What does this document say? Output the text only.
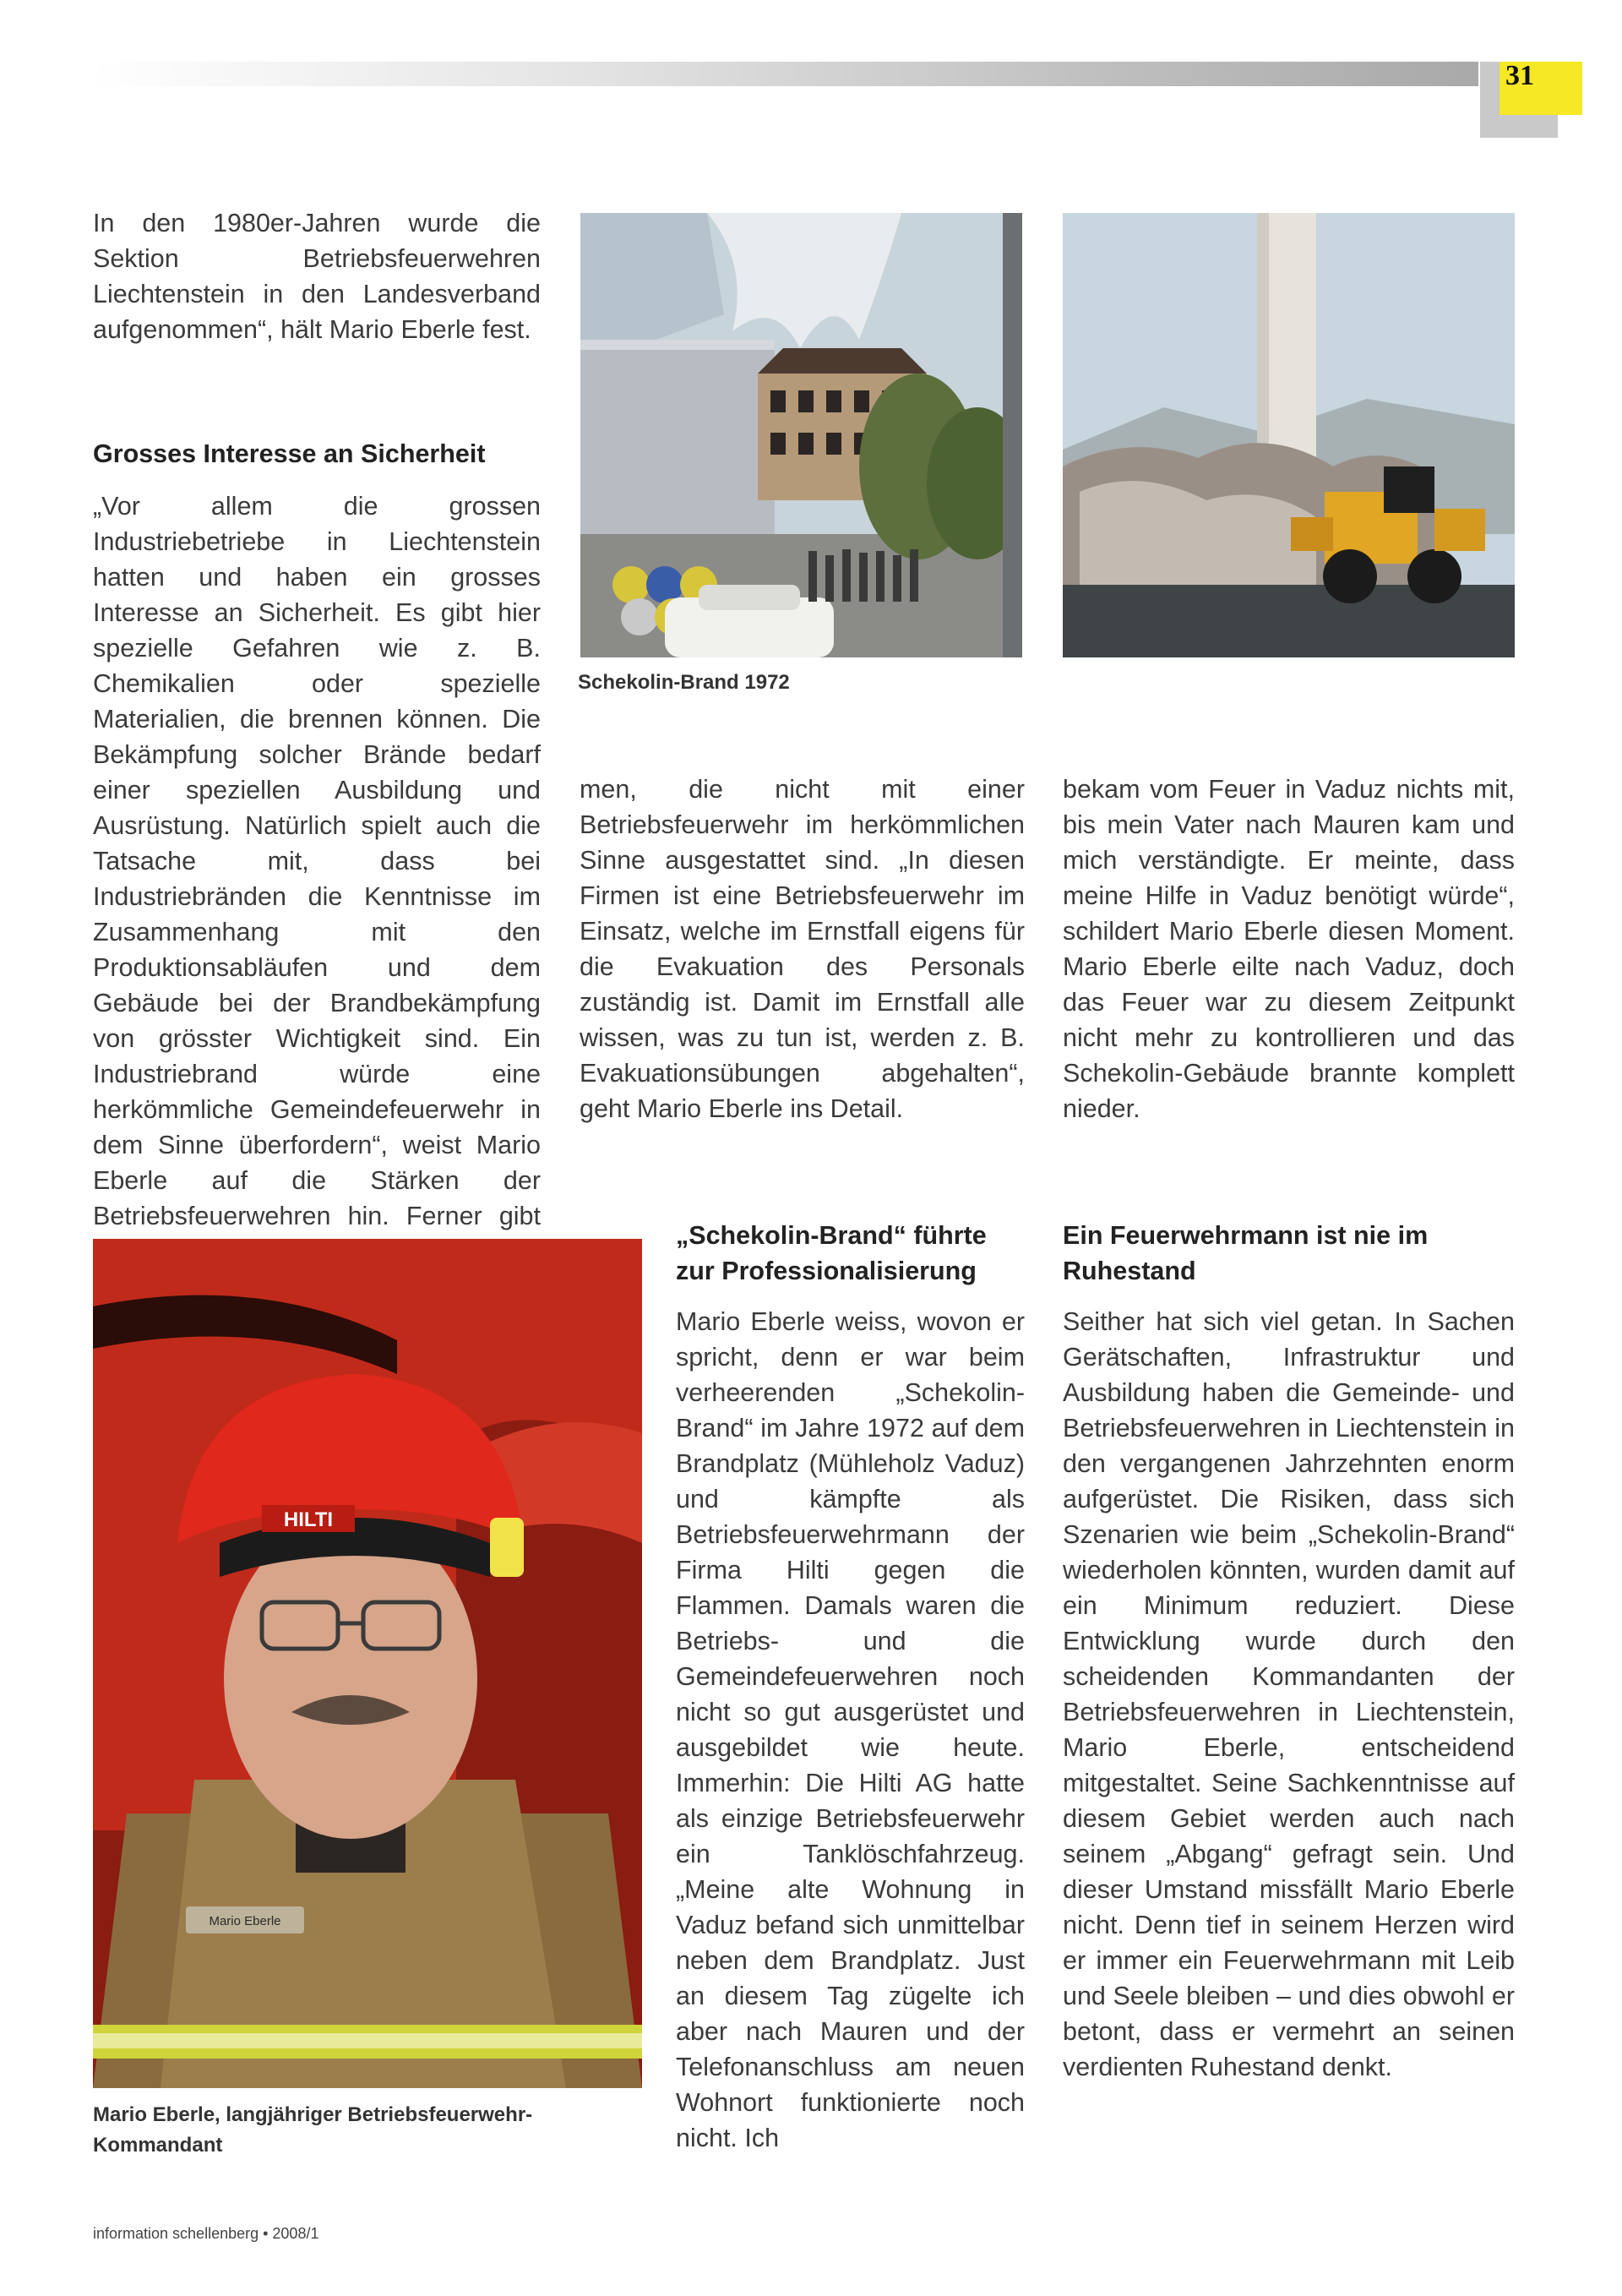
31

In den 1980er-Jahren wurde die Sektion Betriebsfeuerwehren Liechtenstein in den Landesverband aufgenommen“, hält Mario Eberle fest.

Grosses Interesse an Sicherheit

„Vor allem die grossen Industriebetriebe in Liechtenstein hatten und haben ein grosses Interesse an Sicherheit. Es gibt hier spezielle Gefahren wie z. B. Chemikalien oder spezielle Materialien, die brennen können. Die Bekämpfung solcher Brände bedarf einer speziellen Ausbildung und Ausrüstung. Natürlich spielt auch die Tatsache mit, dass bei Industriebränden die Kenntnisse im Zusammenhang mit den Produktionsabläufen und dem Gebäude bei der Brandbekämpfung von grösster Wichtigkeit sind. Ein Industriebrand würde eine herkömmliche Gemeindefeuerwehr in dem Sinne überfordern“, weist Mario Eberle auf die Stärken der Betriebsfeuerwehren hin. Ferner gibt

Schekolin-Brand 1972

men, die nicht mit einer Betriebsfeuerwehr im herkömmlichen Sinne ausgestattet sind. „In diesen Firmen ist eine Betriebsfeuerwehr im Einsatz, welche im Ernstfall eigens für die Evakuation des Personals zuständig ist. Damit im Ernstfall alle wissen, was zu tun ist, werden z. B. Evakuationsübungen abgehalten“, geht Mario Eberle ins Detail.

bekam vom Feuer in Vaduz nichts mit, bis mein Vater nach Mauren kam und mich verständigte. Er meinte, dass meine Hilfe in Vaduz benötigt würde“, schildert Mario Eberle diesen Moment. Mario Eberle eilte nach Vaduz, doch das Feuer war zu diesem Zeitpunkt nicht mehr zu kontrollieren und das Schekolin-Gebäude brannte komplett nieder.

HILTI
Mario Eberle
Mario Eberle, langjähriger Betriebsfeuerwehr-Kommandant
„Schekolin-Brand“ führte zur Professionalisierung

Mario Eberle weiss, wovon er spricht, denn er war beim verheerenden „Schekolin-Brand“ im Jahre 1972 auf dem Brandplatz (Mühleholz Vaduz) und kämpfte als Betriebsfeuerwehrmann der Firma Hilti gegen die Flammen. Damals waren die Betriebs- und die Gemeindefeuerwehren noch nicht so gut ausgerüstet und ausgebildet wie heute. Immerhin: Die Hilti AG hatte als einzige Betriebsfeuerwehr ein Tanklöschfahrzeug. „Meine alte Wohnung in Vaduz befand sich unmittelbar neben dem Brandplatz. Just an diesem Tag zügelte ich aber nach Mauren und der Telefonanschluss am neuen Wohnort funktionierte noch nicht. Ich

Ein Feuerwehrmann ist nie im Ruhestand

Seither hat sich viel getan. In Sachen Gerätschaften, Infrastruktur und Ausbildung haben die Gemeinde- und Betriebsfeuerwehren in Liechtenstein in den vergangenen Jahrzehnten enorm aufgerüstet. Die Risiken, dass sich Szenarien wie beim „Schekolin-Brand“ wiederholen könnten, wurden damit auf ein Minimum reduziert. Diese Entwicklung wurde durch den scheidenden Kommandanten der Betriebsfeuerwehren in Liechtenstein, Mario Eberle, entscheidend mitgestaltet. Seine Sachkenntnisse auf diesem Gebiet werden auch nach seinem „Abgang“ gefragt sein. Und dieser Umstand missfällt Mario Eberle nicht. Denn tief in seinem Herzen wird er immer ein Feuerwehrmann mit Leib und Seele bleiben – und dies obwohl er betont, dass er vermehrt an seinen verdienten Ruhestand denkt.

information schellenberg • 2008/1
